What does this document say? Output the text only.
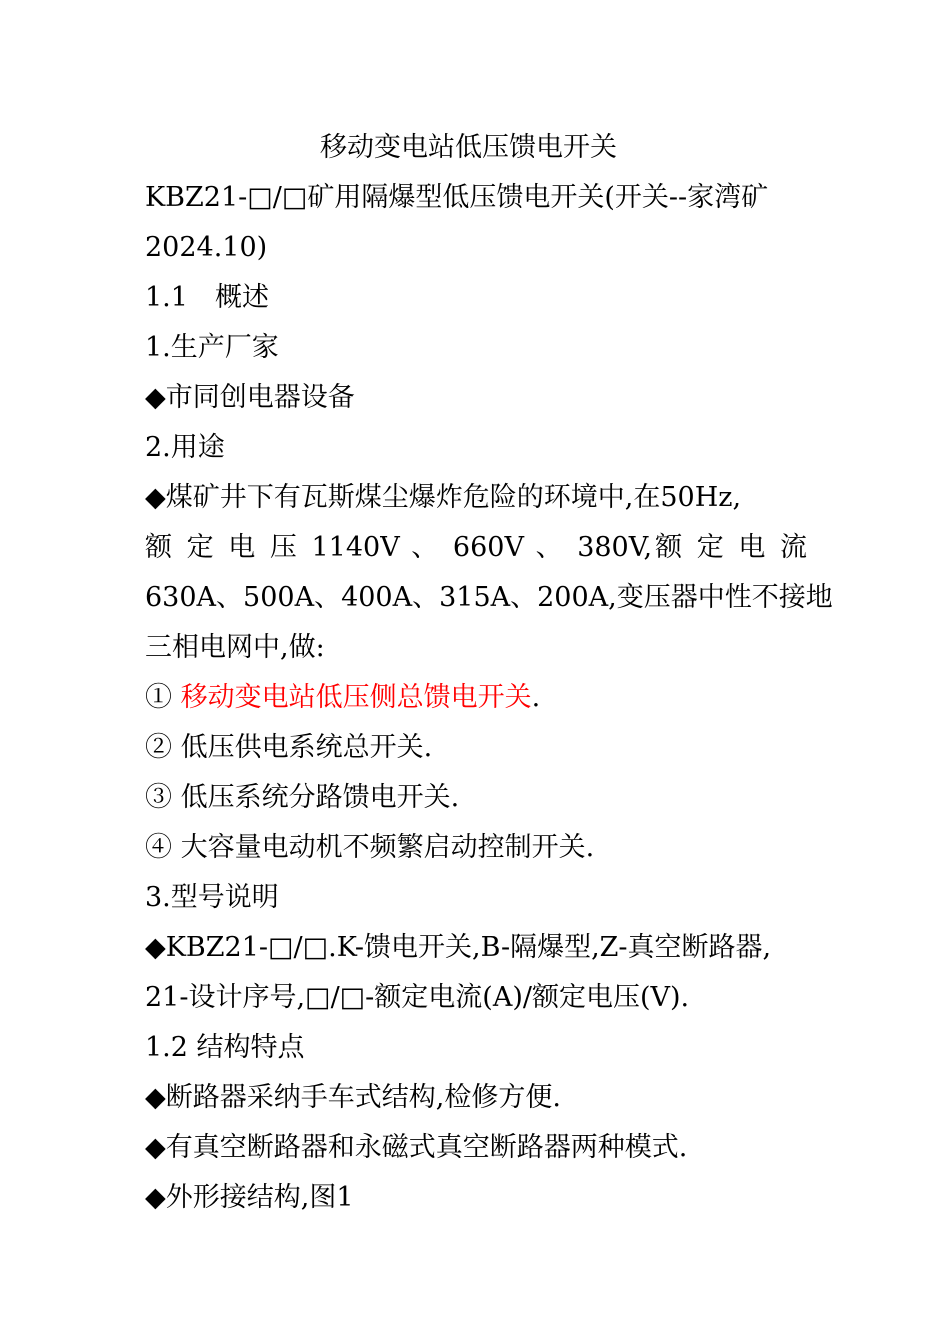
移动变电站低压馈电开关
KBZ21-□/□矿用隔爆型低压馈电开关(开关--家湾矿
2024.10)
1.1　概述
1.生产厂家
◆市同创电器设备
2.用途
◆煤矿井下有瓦斯煤尘爆炸危险的环境中,在50Hz,
额 定 电 压 1140V 、 660V 、 380V,额 定 电 流
630A、500A、400A、315A、200A,变压器中性不接地
三相电网中,做:
① 移动变电站低压侧总馈电开关.
② 低压供电系统总开关.
③ 低压系统分路馈电开关.
④ 大容量电动机不频繁启动控制开关.
3.型号说明
◆KBZ21-□/□.K-馈电开关,B-隔爆型,Z-真空断路器,
21-设计序号,□/□-额定电流(A)/额定电压(V).
1.2 结构特点
◆断路器采纳手车式结构,检修方便.
◆有真空断路器和永磁式真空断路器两种模式.
◆外形接结构,图1
